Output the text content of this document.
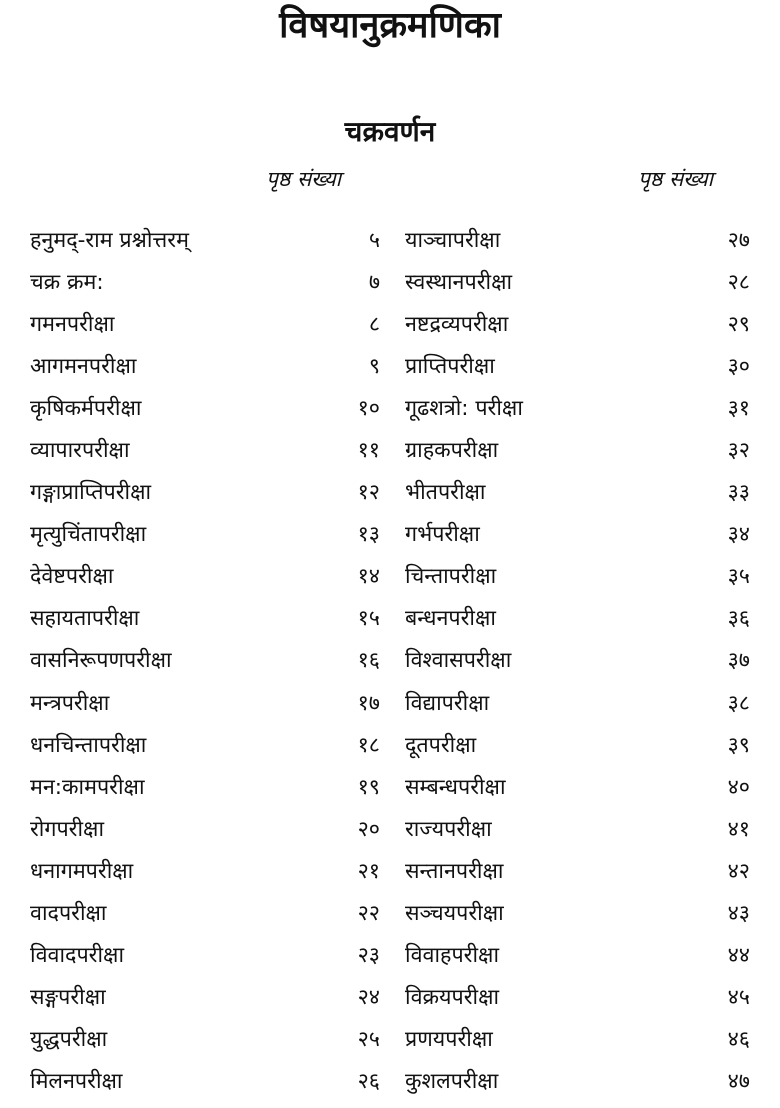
विषयानुक्रमणिका
चक्रवर्णन
पृष्ठ संख्या	पृष्ठ संख्या
हनुमद्-राम प्रश्नोत्तरम्	५
चक्र क्रम:	७
गमनपरीक्षा	८
आगमनपरीक्षा	९
कृषिकर्मपरीक्षा	१०
व्यापारपरीक्षा	११
गङ्गाप्राप्तिपरीक्षा	१२
मृत्युचिंतापरीक्षा	१३
देवेष्टपरीक्षा	१४
सहायतापरीक्षा	१५
वासनिरूपणपरीक्षा	१६
मन्त्रपरीक्षा	१७
धनचिन्तापरीक्षा	१८
मन:कामपरीक्षा	१९
रोगपरीक्षा	२०
धनागमपरीक्षा	२१
वादपरीक्षा	२२
विवादपरीक्षा	२३
सङ्गपरीक्षा	२४
युद्धपरीक्षा	२५
मिलनपरीक्षा	२६
याञ्चापरीक्षा	२७
स्वस्थानपरीक्षा	२८
नष्टद्रव्यपरीक्षा	२९
प्राप्तिपरीक्षा	३०
गूढशत्रो: परीक्षा	३१
ग्राहकपरीक्षा	३२
भीतपरीक्षा	३३
गर्भपरीक्षा	३४
चिन्तापरीक्षा	३५
बन्धनपरीक्षा	३६
विश्वासपरीक्षा	३७
विद्यापरीक्षा	३८
दूतपरीक्षा	३९
सम्बन्धपरीक्षा	४०
राज्यपरीक्षा	४१
सन्तानपरीक्षा	४२
सञ्चयपरीक्षा	४३
विवाहपरीक्षा	४४
विक्रयपरीक्षा	४५
प्रणयपरीक्षा	४६
कुशलपरीक्षा	४७
